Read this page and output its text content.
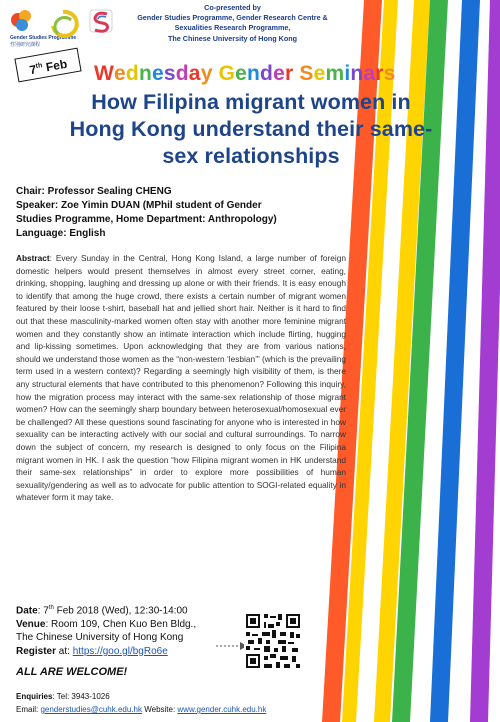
Gender Studies Programme
性別研究課程
Co-presented by
Gender Studies Programme, Gender Research Centre &
Sexualities Research Programme,
The Chinese University of Hong Kong
7th Feb	Wednesday Gender Seminars
How Filipina migrant women in
Hong Kong understand their same-
sex relationships
Chair: Professor Sealing CHENG
Speaker: Zoe Yimin DUAN (MPhil student of Gender
Studies Programme, Home Department: Anthropology)
Language: English
Abstract: Every Sunday in the Central, Hong Kong Island, a large number of foreign domestic helpers would present themselves in almost every street corner, eating, drinking, shopping, laughing and dressing up alone or with their friends. It is easy enough to identify that among the huge crowd, there exists a certain number of migrant women featured by their loose t-shirt, baseball hat and jellied short hair. Neither is it hard to find out that these masculinity-marked women often stay with another more feminine migrant women and they constantly show an intimate interaction which include flirting, hugging and lip-kissing sometimes. Upon acknowledging that they are from various nations, should we understand those women as the “non-western ‘lesbian’” (which is the prevailing term used in a western context)? Regarding a seemingly high visibility of them, is there any structural elements that have contributed to this phenomenon? Following this inquiry, how the migration process may interact with the same-sex relationship of those migrant women? How can the seemingly sharp boundary between heterosexual/homosexual ever be challenged? All these questions sound fascinating for anyone who is interested in how sexuality can be interacting actively with our social and cultural surroundings. To narrow down the subject of concern, my research is designed to only focus on the Filipina migrant women in HK. I ask the question “how Filipina migrant women in HK understand their same-sex relationships” in order to explore more possibilities of human sexuality/gendering as well as to advocate for public attention to SOGI-related equality in whatever form it may take.
Date: 7th Feb 2018 (Wed), 12:30-14:00
Venue: Room 109, Chen Kuo Ben Bldg.,
The Chinese University of Hong Kong
Register at: https://goo.gl/bgRo6e
ALL ARE WELCOME!
Enquiries: Tel: 3943-1026
Email: genderstudies@cuhk.edu.hk Website: www.gender.cuhk.edu.hk
